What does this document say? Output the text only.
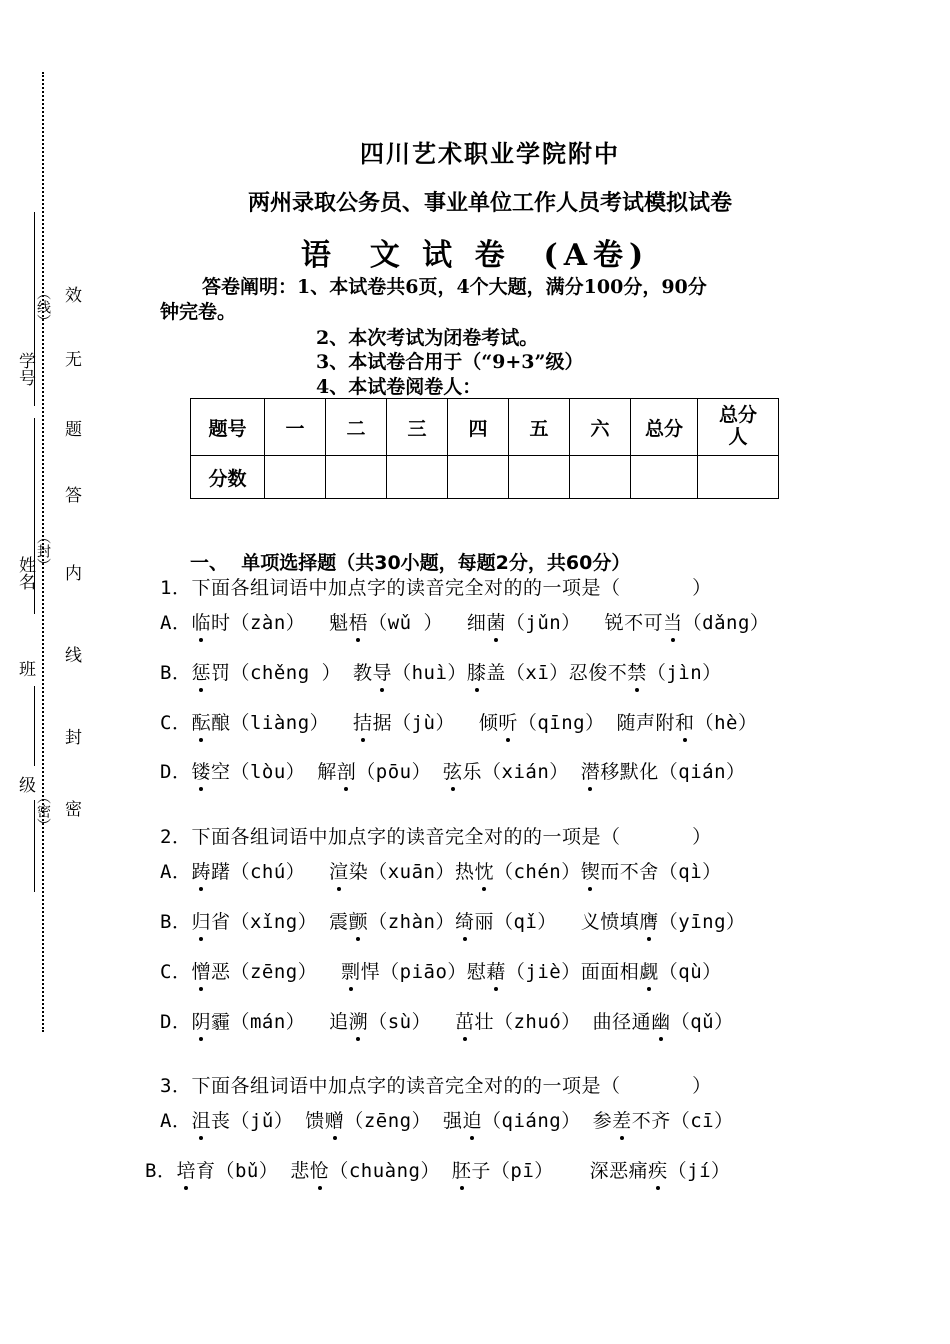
学号
姓名
班
级
（线）
（封）
（密）
效
无
题
答
内
线
封
密
四川艺术职业学院附中
两州录取公务员、事业单位工作人员考试模拟试卷
语  文 试 卷  (A卷)
答卷阐明：1、本试卷共6页，4个大题，满分100分，90分
钟完卷。
2、本次考试为闭卷考试。
3、本试卷合用于（“9+3”级）
4、本试卷阅卷人：
题号	一	二	三	四	五	六	总分	总分人
分数								
一、  单项选择题（共30小题，每题2分，共60分）
1．下面各组词语中加点字的读音完全对的的一项是（      ）
A．临时（zàn）  魁梧（wǔ ）  细菌（jǔn）  锐不可当（dǎng）
B．惩罚（chěng ） 教导（huì）膝盖（xī）忍俊不禁（jìn）
C．酝酿（liàng）  拮据（jù）  倾听（qīng） 随声附和（hè）
D．镂空（lòu） 解剖（pōu） 弦乐（xián） 潜移默化（qián）
2．下面各组词语中加点字的读音完全对的的一项是（      ）
A．踌躇（chú）  渲染（xuān）热忱（chén）锲而不舍（qì）
B．归省（xǐng） 震颤（zhàn）绮丽（qǐ）  义愤填膺（yīng）
C．憎恶（zēng）  剽悍（piāo）慰藉（jiè）面面相觑（qù）
D．阴霾（mán）  追溯（sù）  茁壮（zhuó） 曲径通幽（qǔ）
3．下面各组词语中加点字的读音完全对的的一项是（      ）
A．沮丧（jǔ） 馈赠（zēng） 强迫（qiáng） 参差不齐（cī）
B．培育（bǔ） 悲怆（chuàng） 胚子（pī）   深恶痛疾（jí）
